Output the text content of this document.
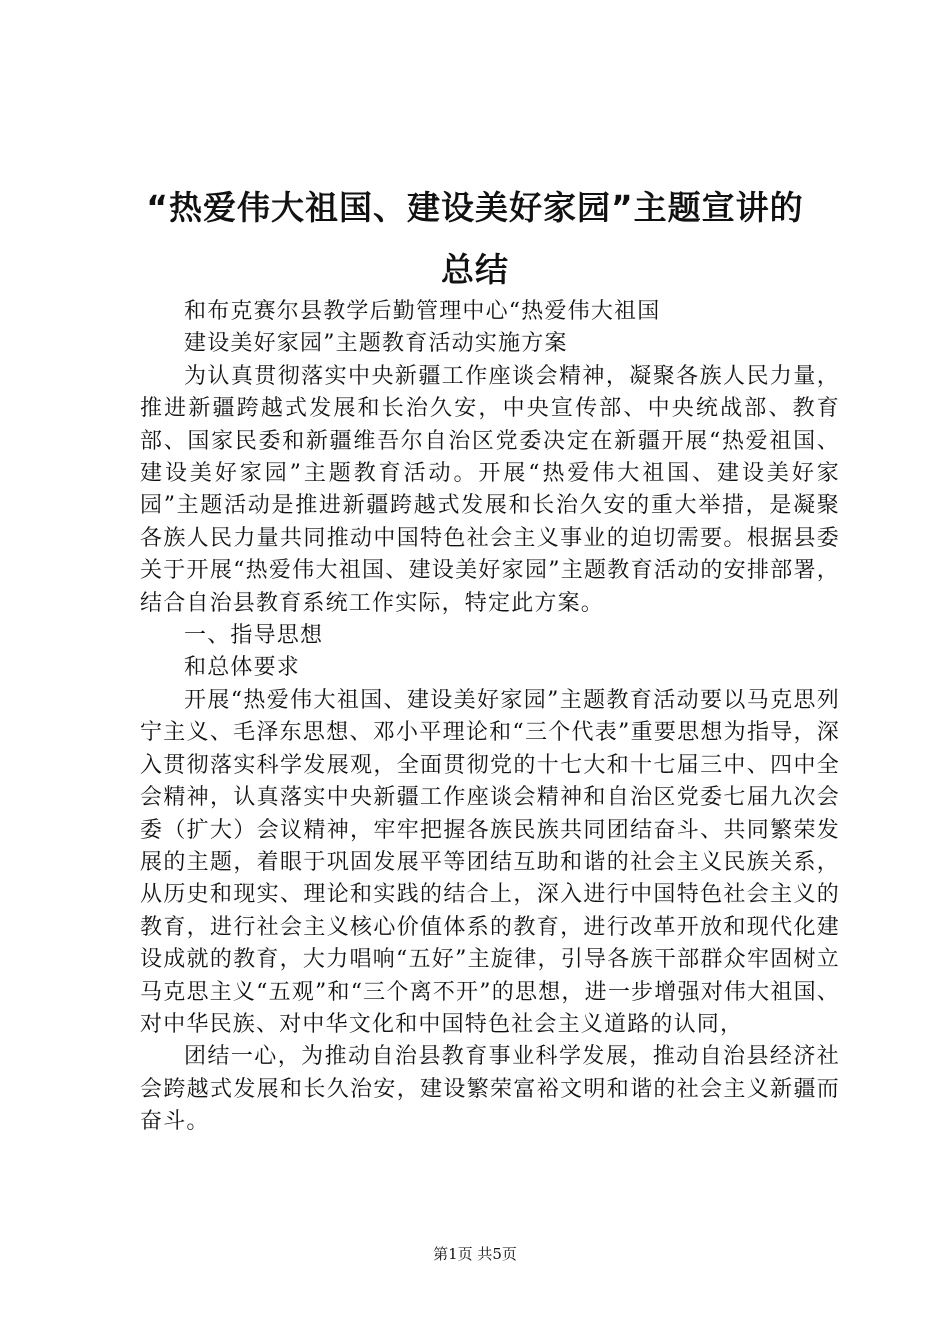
“热爱伟大祖国、建设美好家园”主题宣讲的
总结

和布克赛尔县教学后勤管理中心“热爱伟大祖国

建设美好家园”主题教育活动实施方案

为认真贯彻落实中央新疆工作座谈会精神，凝聚各族人民力量，推进新疆跨越式发展和长治久安，中央宣传部、中央统战部、教育部、国家民委和新疆维吾尔自治区党委决定在新疆开展“热爱祖国、建设美好家园”主题教育活动。开展“热爱伟大祖国、建设美好家园”主题活动是推进新疆跨越式发展和长治久安的重大举措，是凝聚各族人民力量共同推动中国特色社会主义事业的迫切需要。根据县委关于开展“热爱伟大祖国、建设美好家园”主题教育活动的安排部署，结合自治县教育系统工作实际，特定此方案。

一、指导思想

和总体要求

开展“热爱伟大祖国、建设美好家园”主题教育活动要以马克思列宁主义、毛泽东思想、邓小平理论和“三个代表”重要思想为指导，深入贯彻落实科学发展观，全面贯彻党的十七大和十七届三中、四中全会精神，认真落实中央新疆工作座谈会精神和自治区党委七届九次会委（扩大）会议精神，牢牢把握各族民族共同团结奋斗、共同繁荣发展的主题，着眼于巩固发展平等团结互助和谐的社会主义民族关系，从历史和现实、理论和实践的结合上，深入进行中国特色社会主义的教育，进行社会主义核心价值体系的教育，进行改革开放和现代化建设成就的教育，大力唱响“五好”主旋律，引导各族干部群众牢固树立马克思主义“五观”和“三个离不开”的思想，进一步增强对伟大祖国、对中华民族、对中华文化和中国特色社会主义道路的认同，

团结一心，为推动自治县教育事业科学发展，推动自治县经济社会跨越式发展和长久治安，建设繁荣富裕文明和谐的社会主义新疆而奋斗。

第1页 共5页
